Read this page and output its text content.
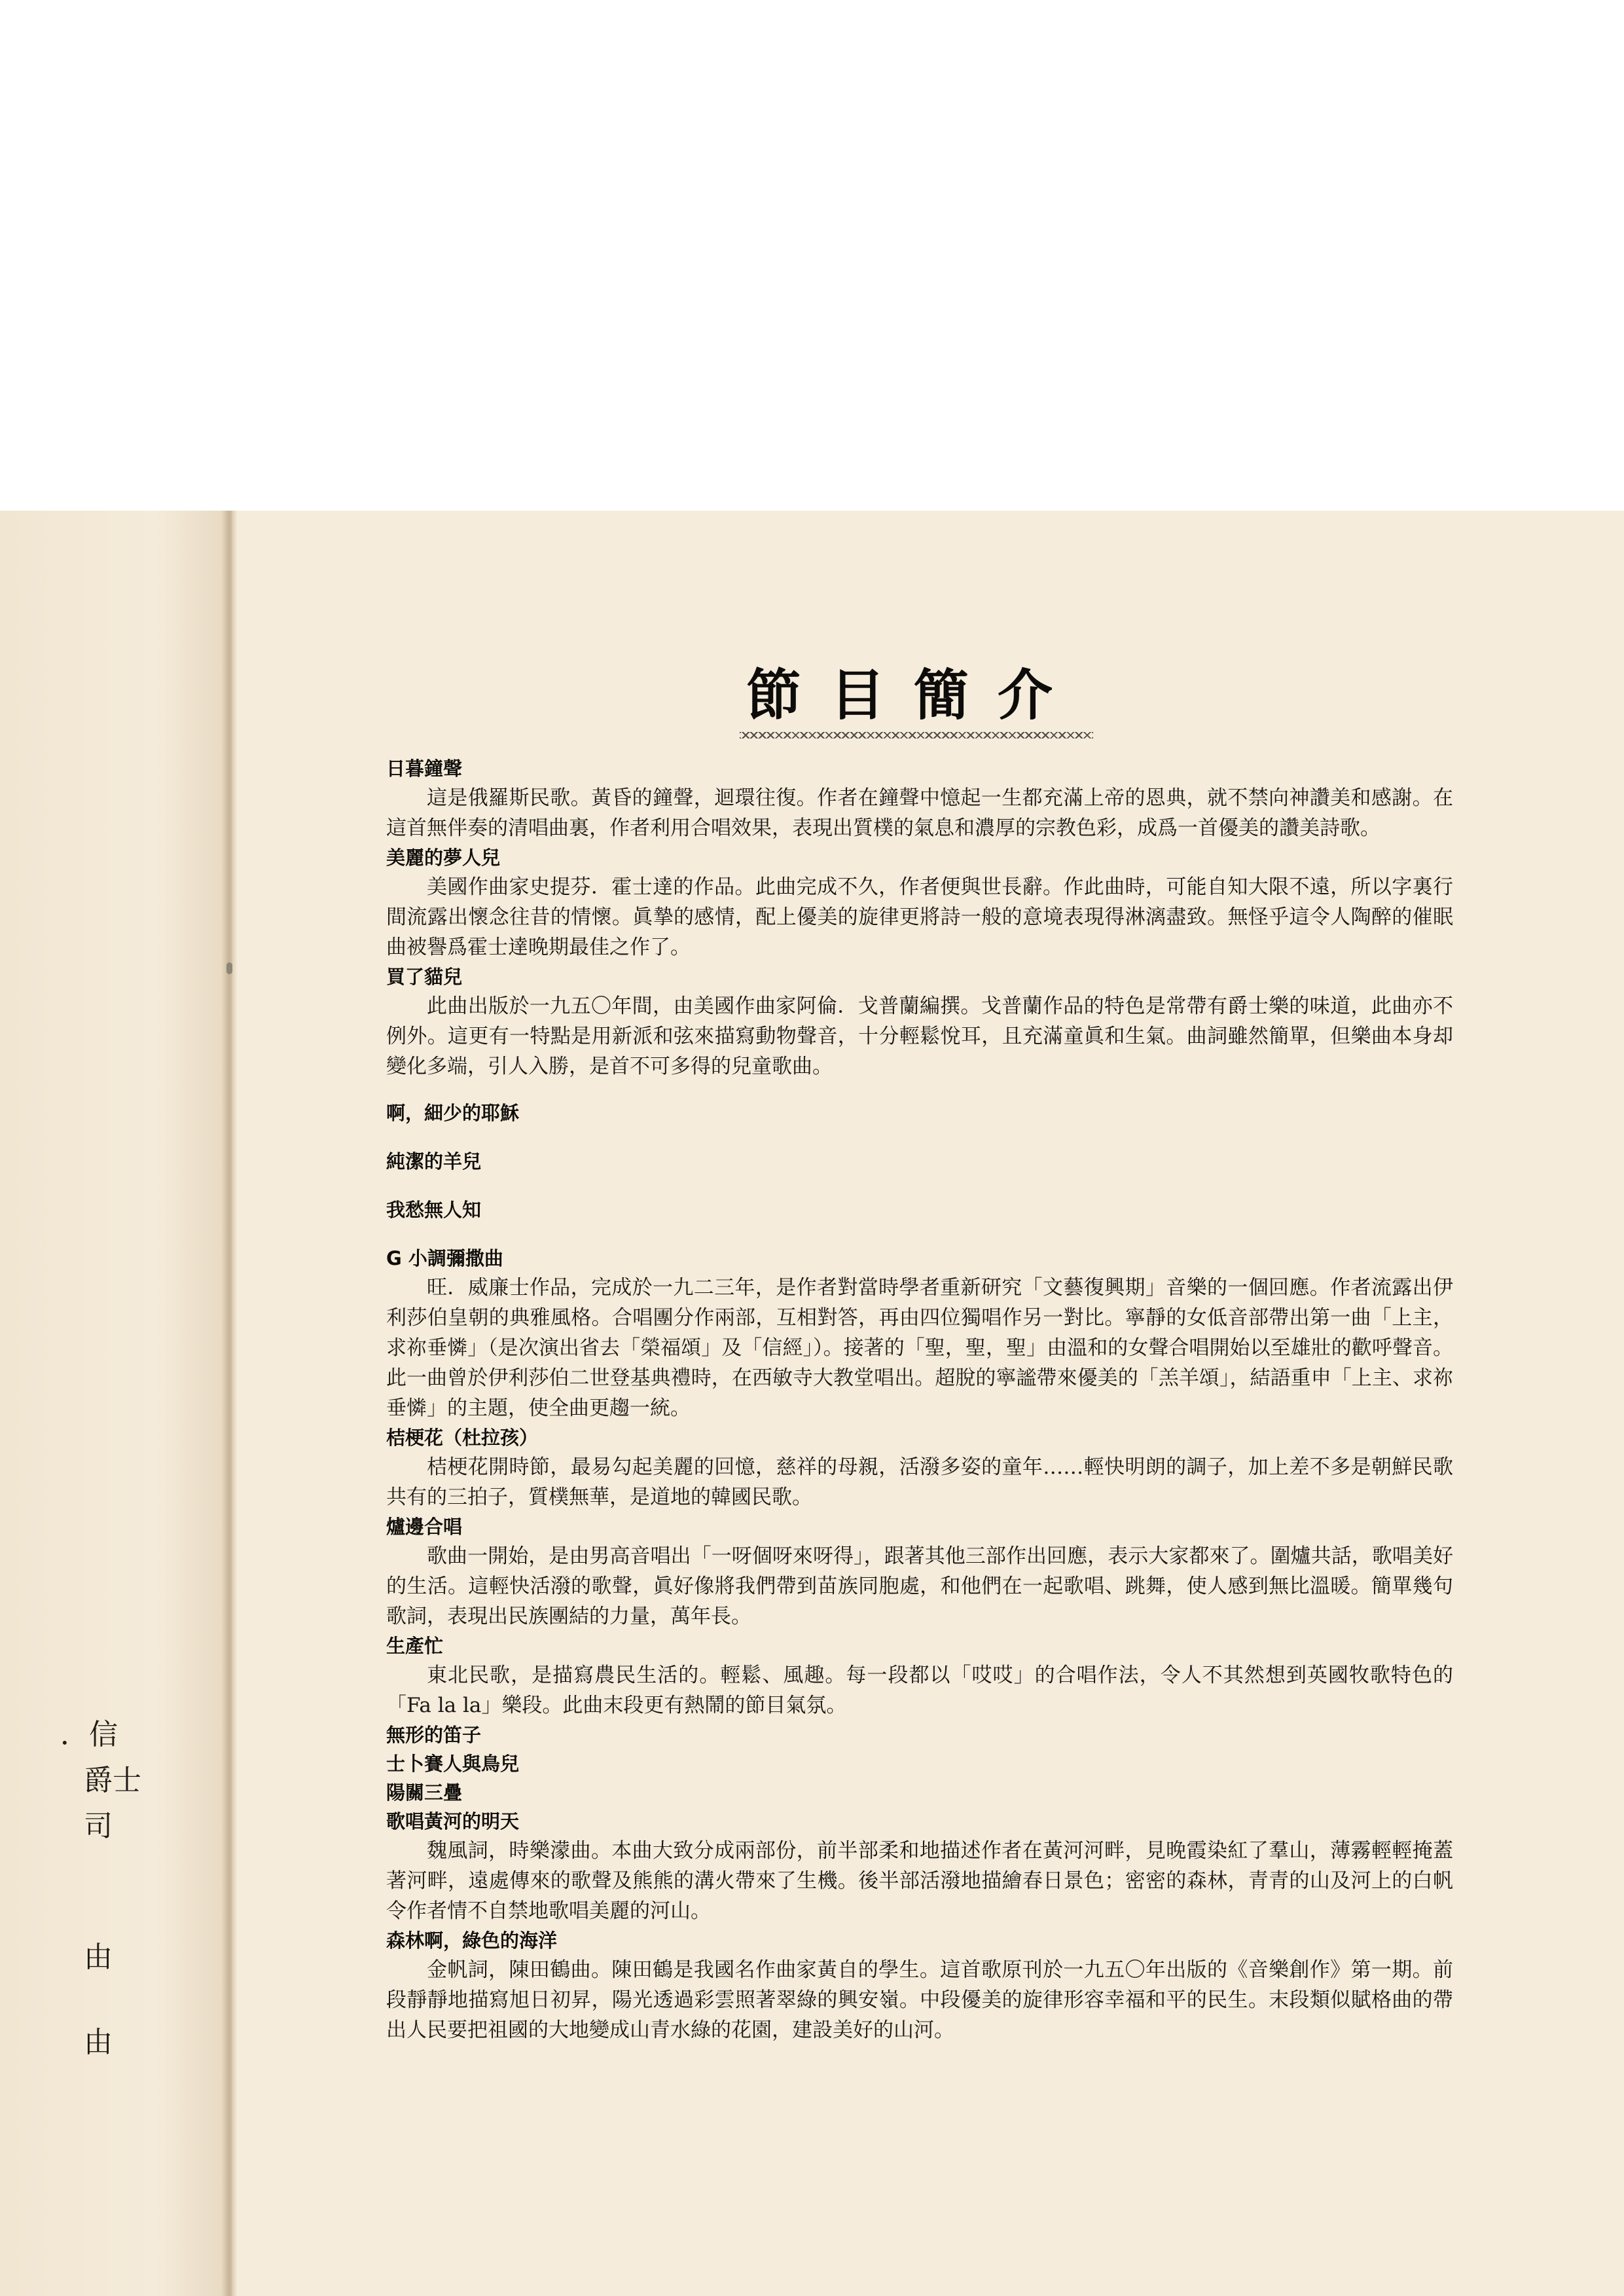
．信
爵士
司
由
由
節目簡介
日暮鐘聲

這是俄羅斯民歌。黃昏的鐘聲，迴環往復。作者在鐘聲中憶起一生都充滿上帝的恩典，就不禁向神讚美和感謝。在這首無伴奏的清唱曲裏，作者利用合唱效果，表現出質樸的氣息和濃厚的宗教色彩，成爲一首優美的讚美詩歌。

美麗的夢人兒

美國作曲家史提芬．霍士達的作品。此曲完成不久，作者便與世長辭。作此曲時，可能自知大限不遠，所以字裏行間流露出懷念往昔的情懷。眞摯的感情，配上優美的旋律更將詩一般的意境表現得淋漓盡致。無怪乎這令人陶醉的催眠曲被譽爲霍士達晚期最佳之作了。

買了貓兒

此曲出版於一九五〇年間，由美國作曲家阿倫．戈普蘭編撰。戈普蘭作品的特色是常帶有爵士樂的味道，此曲亦不例外。這更有一特點是用新派和弦來描寫動物聲音，十分輕鬆悅耳，且充滿童眞和生氣。曲詞雖然簡單，但樂曲本身却變化多端，引人入勝，是首不可多得的兒童歌曲。

啊，細少的耶穌
純潔的羊兒
我愁無人知
G 小調彌撒曲

旺．威廉士作品，完成於一九二三年，是作者對當時學者重新研究「文藝復興期」音樂的一個回應。作者流露出伊利莎伯皇朝的典雅風格。合唱團分作兩部，互相對答，再由四位獨唱作另一對比。寧靜的女低音部帶出第一曲「上主，求祢垂憐」（是次演出省去「榮福頌」及「信經」）。接著的「聖，聖，聖」由溫和的女聲合唱開始以至雄壯的歡呼聲音。此一曲曾於伊利莎伯二世登基典禮時，在西敏寺大教堂唱出。超脫的寧謐帶來優美的「羔羊頌」，結語重申「上主、求祢垂憐」的主題，使全曲更趨一統。

桔梗花（杜拉孩）

桔梗花開時節，最易勾起美麗的回憶，慈祥的母親，活潑多姿的童年……輕快明朗的調子，加上差不多是朝鮮民歌共有的三拍子，質樸無華，是道地的韓國民歌。

爐邊合唱

歌曲一開始，是由男高音唱出「一呀個呀來呀得」，跟著其他三部作出回應，表示大家都來了。圍爐共話，歌唱美好的生活。這輕快活潑的歌聲，眞好像將我們帶到苗族同胞處，和他們在一起歌唱、跳舞，使人感到無比溫暖。簡單幾句歌詞，表現出民族團結的力量，萬年長。

生產忙

東北民歌，是描寫農民生活的。輕鬆、風趣。每一段都以「哎哎」的合唱作法，令人不其然想到英國牧歌特色的「Fa la la」樂段。此曲末段更有熱鬧的節目氣氛。

無形的笛子
士卜賽人與鳥兒
陽關三疊
歌唱黃河的明天

魏風詞，時樂濛曲。本曲大致分成兩部份，前半部柔和地描述作者在黃河河畔，見晚霞染紅了羣山，薄霧輕輕掩蓋著河畔，遠處傳來的歌聲及熊熊的溝火帶來了生機。後半部活潑地描繪春日景色；密密的森林，青青的山及河上的白帆令作者情不自禁地歌唱美麗的河山。

森林啊，綠色的海洋

金帆詞，陳田鶴曲。陳田鶴是我國名作曲家黃自的學生。這首歌原刊於一九五〇年出版的《音樂創作》第一期。前段靜靜地描寫旭日初昇，陽光透過彩雲照著翠綠的興安嶺。中段優美的旋律形容幸福和平的民生。末段類似賦格曲的帶出人民要把祖國的大地變成山青水綠的花園，建設美好的山河。
